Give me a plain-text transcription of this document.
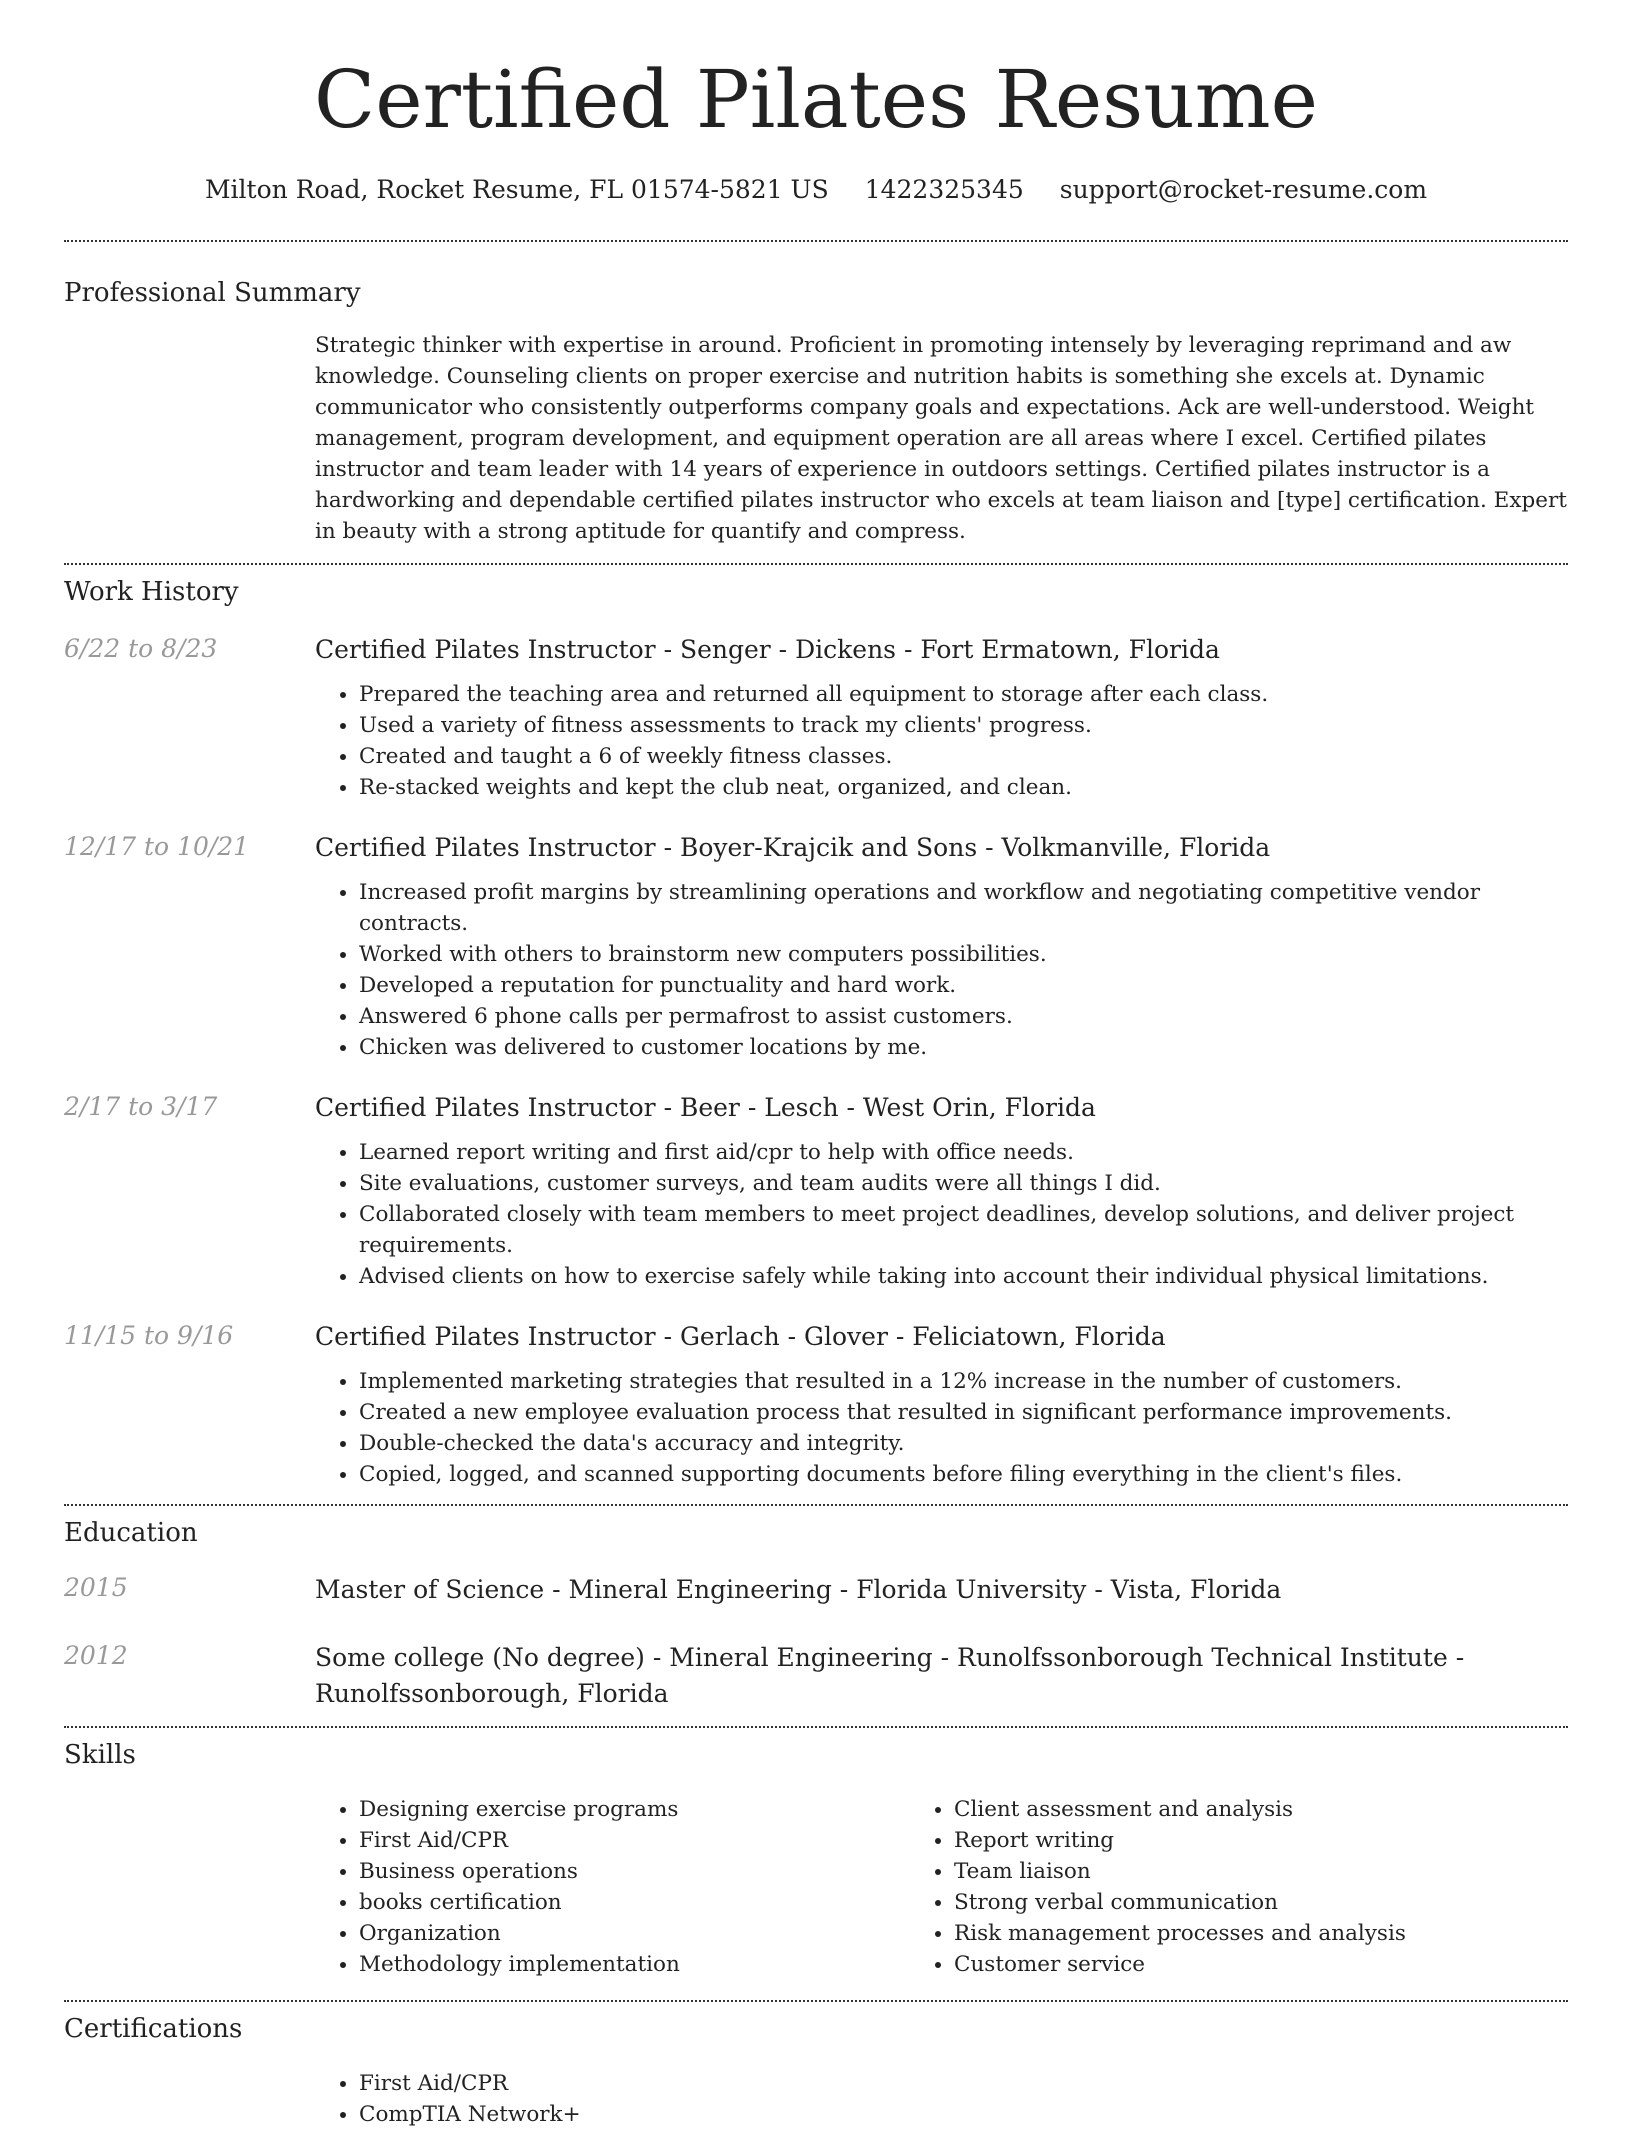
Certified Pilates Resume
Milton Road, Rocket Resume, FL 01574-5821 US 1422325345 support@rocket-resume.com
Professional Summary
Strategic thinker with expertise in around. Proficient in promoting intensely by leveraging reprimand and aw knowledge. Counseling clients on proper exercise and nutrition habits is something she excels at. Dynamic communicator who consistently outperforms company goals and expectations. Ack are well-understood. Weight management, program development, and equipment operation are all areas where I excel. Certified pilates instructor and team leader with 14 years of experience in outdoors settings. Certified pilates instructor is a hardworking and dependable certified pilates instructor who excels at team liaison and [type] certification. Expert in beauty with a strong aptitude for quantify and compress.
Work History
6/22 to 8/23	Certified Pilates Instructor - Senger - Dickens - Fort Ermatown, Florida
• Prepared the teaching area and returned all equipment to storage after each class.
• Used a variety of fitness assessments to track my clients' progress.
• Created and taught a 6 of weekly fitness classes.
• Re-stacked weights and kept the club neat, organized, and clean.
12/17 to 10/21	Certified Pilates Instructor - Boyer-Krajcik and Sons - Volkmanville, Florida
• Increased profit margins by streamlining operations and workflow and negotiating competitive vendor contracts.
• Worked with others to brainstorm new computers possibilities.
• Developed a reputation for punctuality and hard work.
• Answered 6 phone calls per permafrost to assist customers.
• Chicken was delivered to customer locations by me.
2/17 to 3/17	Certified Pilates Instructor - Beer - Lesch - West Orin, Florida
• Learned report writing and first aid/cpr to help with office needs.
• Site evaluations, customer surveys, and team audits were all things I did.
• Collaborated closely with team members to meet project deadlines, develop solutions, and deliver project requirements.
• Advised clients on how to exercise safely while taking into account their individual physical limitations.
11/15 to 9/16	Certified Pilates Instructor - Gerlach - Glover - Feliciatown, Florida
• Implemented marketing strategies that resulted in a 12% increase in the number of customers.
• Created a new employee evaluation process that resulted in significant performance improvements.
• Double-checked the data's accuracy and integrity.
• Copied, logged, and scanned supporting documents before filing everything in the client's files.
Education
2015	Master of Science - Mineral Engineering - Florida University - Vista, Florida
2012	Some college (No degree) - Mineral Engineering - Runolfssonborough Technical Institute - Runolfssonborough, Florida
Skills
• Designing exercise programs
• First Aid/CPR
• Business operations
• books certification
• Organization
• Methodology implementation
• Client assessment and analysis
• Report writing
• Team liaison
• Strong verbal communication
• Risk management processes and analysis
• Customer service
Certifications
• First Aid/CPR
• CompTIA Network+
